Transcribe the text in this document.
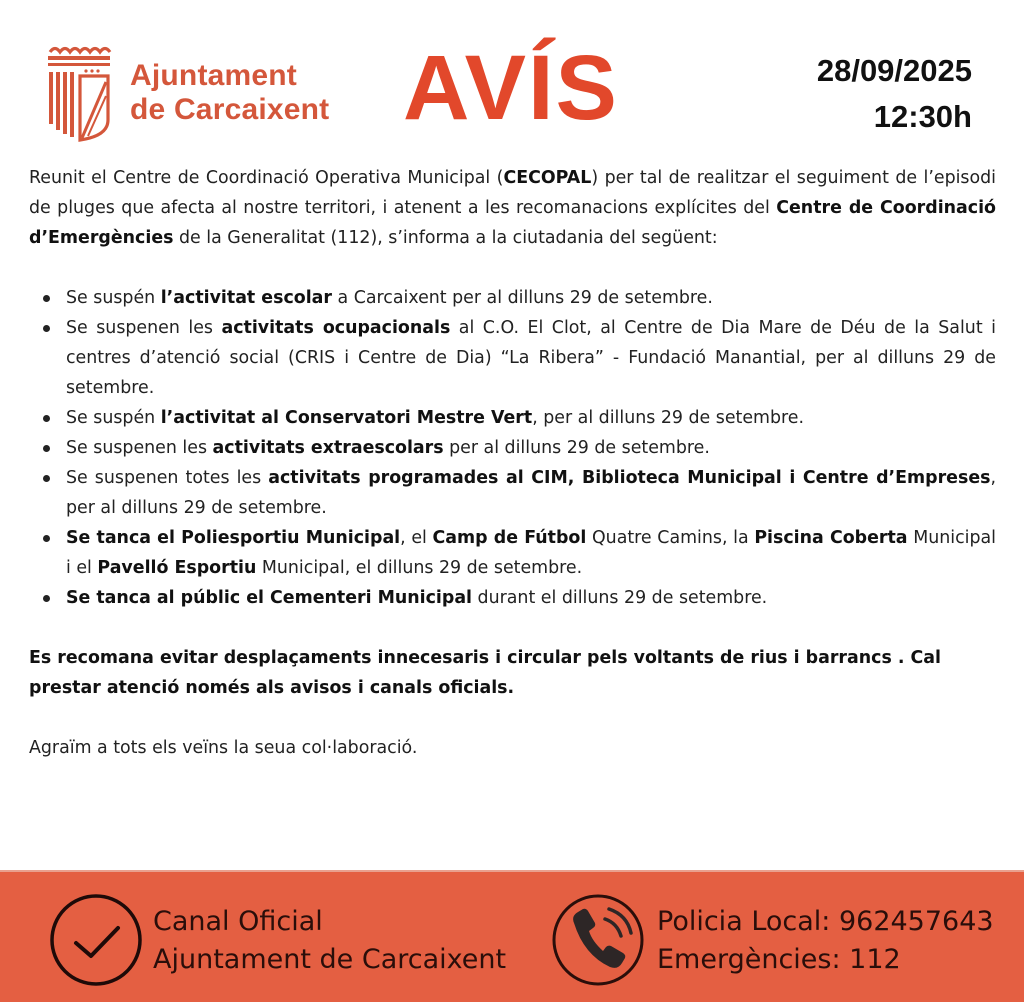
Ajuntament
de Carcaixent AVÍS	28/09/2025
12:30h

Reunit el Centre de Coordinació Operativa Municipal (CECOPAL) per tal de realitzar el seguiment de l’episodi de pluges que afecta al nostre territori, i atenent a les recomanacions explícites del Centre de Coordinació d’Emergències de la Generalitat (112), s’informa a la ciutadania del següent:

Se suspén l’activitat escolar a Carcaixent per al dilluns 29 de setembre.
Se suspenen les activitats ocupacionals al C.O. El Clot, al Centre de Dia Mare de Déu de la Salut i centres d’atenció social (CRIS i Centre de Dia) “La Ribera” - Fundació Manantial, per al dilluns 29 de setembre.
Se suspén l’activitat al Conservatori Mestre Vert, per al dilluns 29 de setembre.
Se suspenen les activitats extraescolars per al dilluns 29 de setembre.
Se suspenen totes les activitats programades al CIM, Biblioteca Municipal i Centre d’Empreses, per al dilluns 29 de setembre.
Se tanca el Poliesportiu Municipal, el Camp de Fútbol Quatre Camins, la Piscina Coberta Municipal i el Pavelló Esportiu Municipal, el dilluns 29 de setembre.
Se tanca al públic el Cementeri Municipal durant el dilluns 29 de setembre.

Es recomana evitar desplaçaments innecesaris i circular pels voltants de rius i barrancs . Cal prestar atenció només als avisos i canals oficials.

Agraïm a tots els veïns la seua col·laboració.

Canal Oficial
Ajuntament de Carcaixent
Policia Local: 962457643
Emergències: 112
